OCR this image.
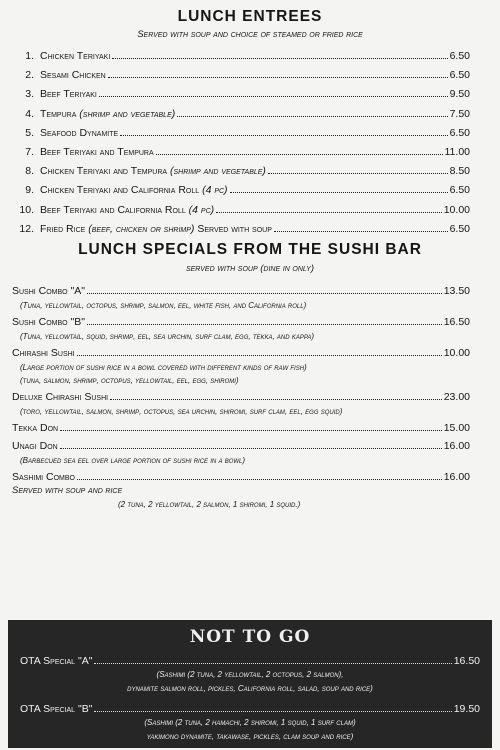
LUNCH ENTREES
Served with soup and choice of steamed or fried rice
1. Chicken Teriyaki	6.50
2. Sesami Chicken	6.50
3. Beef Teriyaki	9.50
4. Tempura (shrimp and vegetable)	7.50
5. Seafood Dynamite	6.50
7. Beef Teriyaki and Tempura	11.00
8. Chicken Teriyaki and Tempura (shrimp and vegetable)	8.50
9. Chicken Teriyaki and California Roll (4 pc)	6.50
10. Beef Teriyaki and California Roll (4 pc)	10.00
12. Fried Rice (beef, chicken or shrimp) Served with soup	6.50
LUNCH SPECIALS FROM THE SUSHI BAR
served with soup (dine in only)
Sushi Combo "A"	13.50
(Tuna, yellowtail, octopus, shrimp, salmon, eel, white fish, and California roll)
Sushi Combo "B"	16.50
(Tuna, yellowtail, squid, shrimp, eel, sea urchin, surf clam, egg, tekka, and kappa)
Chirashi Sushi	10.00
(Large portion of sushi rice in a bowl covered with different kinds of raw fish)
(tuna, salmon, shrimp, octopus, yellowtail, eel, egg, shiromi)
Deluxe Chirashi Sushi	23.00
(toro, yellowtail, salmon, shrimp, octopus, sea urchin, shiromi, surf clam, eel, egg squid)
Tekka Don	15.00
Unagi Don	16.00
(Barbecued sea eel over large portion of sushi rice in a bowl)
Sashimi Combo	16.00
Served with soup and rice
(2 tuna, 2 yellowtail, 2 salmon, 1 shiromi, 1 squid.)
NOT TO GO
OTA Special "A"	16.50
(Sashimi (2 tuna, 2 yellowtail, 2 octopus, 2 salmon),
dynamite salmon roll, pickles, California roll, salad, soup and rice)
OTA Special "B"	19.50
(Sashimi (2 tuna, 2 hamachi, 2 shiromi, 1 squid, 1 surf clam)
yakimono dynamite, takawase, pickles, clam soup and rice)
